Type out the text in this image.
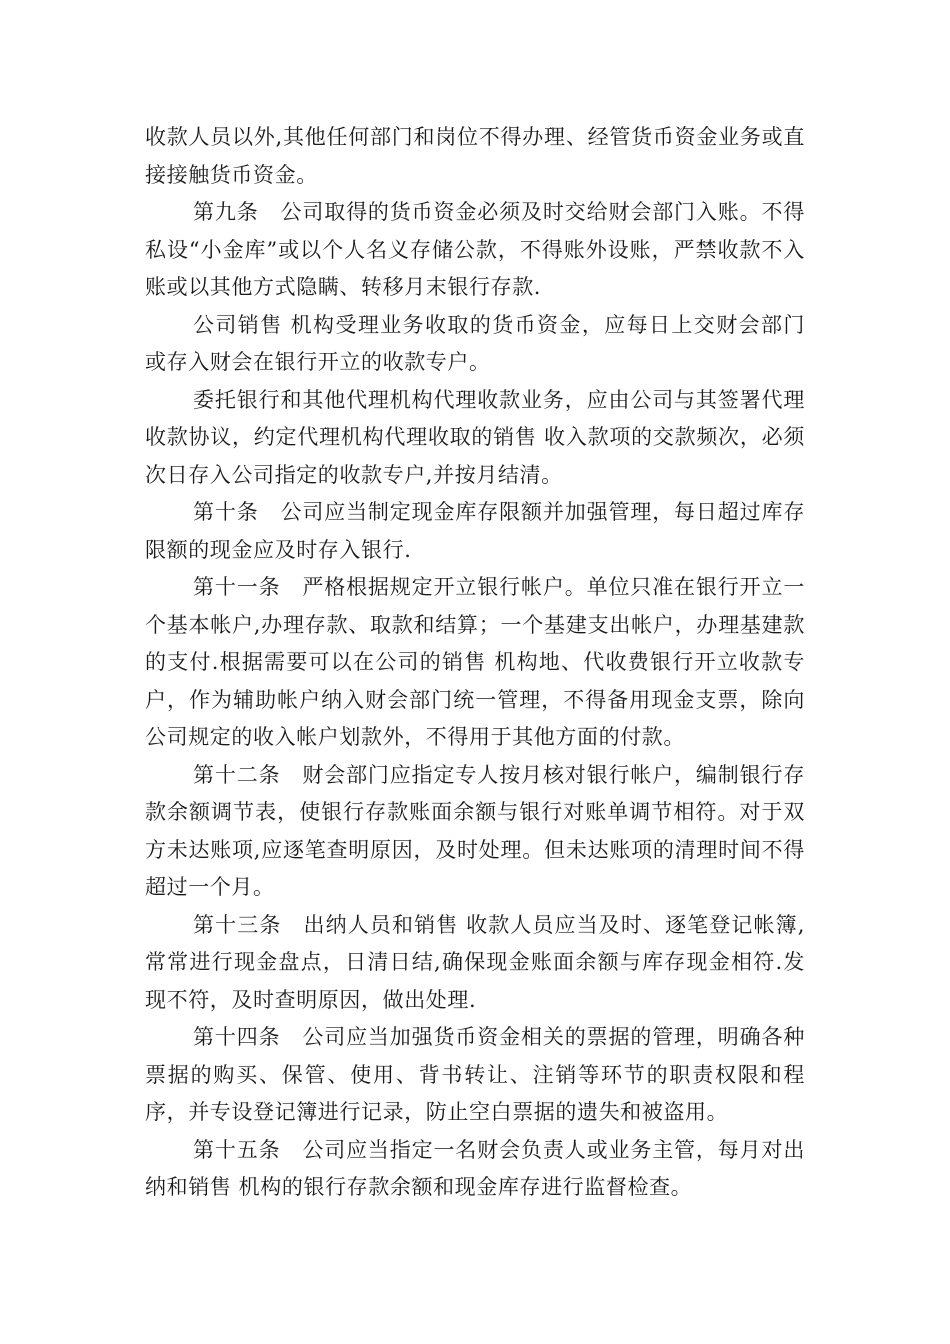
收款人员以外,其他任何部门和岗位不得办理、经管货币资金业务或直接接触货币资金。

第九条　公司取得的货币资金必须及时交给财会部门入账。不得私设“小金库”或以个人名义存储公款，不得账外设账，严禁收款不入账或以其他方式隐瞒、转移月末银行存款.

公司销售 机构受理业务收取的货币资金，应每日上交财会部门或存入财会在银行开立的收款专户。

委托银行和其他代理机构代理收款业务，应由公司与其签署代理收款协议，约定代理机构代理收取的销售 收入款项的交款频次，必须次日存入公司指定的收款专户,并按月结清。

第十条　公司应当制定现金库存限额并加强管理，每日超过库存限额的现金应及时存入银行.

第十一条　严格根据规定开立银行帐户。单位只准在银行开立一个基本帐户,办理存款、取款和结算；一个基建支出帐户，办理基建款的支付.根据需要可以在公司的销售 机构地、代收费银行开立收款专户，作为辅助帐户纳入财会部门统一管理，不得备用现金支票，除向公司规定的收入帐户划款外，不得用于其他方面的付款。

第十二条　财会部门应指定专人按月核对银行帐户，编制银行存款余额调节表，使银行存款账面余额与银行对账单调节相符。对于双方未达账项,应逐笔查明原因，及时处理。但未达账项的清理时间不得超过一个月。

第十三条　出纳人员和销售 收款人员应当及时、逐笔登记帐簿,常常进行现金盘点，日清日结,确保现金账面余额与库存现金相符.发现不符，及时查明原因，做出处理.

第十四条　公司应当加强货币资金相关的票据的管理，明确各种票据的购买、保管、使用、背书转让、注销等环节的职责权限和程序，并专设登记簿进行记录，防止空白票据的遗失和被盗用。

第十五条　公司应当指定一名财会负责人或业务主管，每月对出纳和销售 机构的银行存款余额和现金库存进行监督检查。
